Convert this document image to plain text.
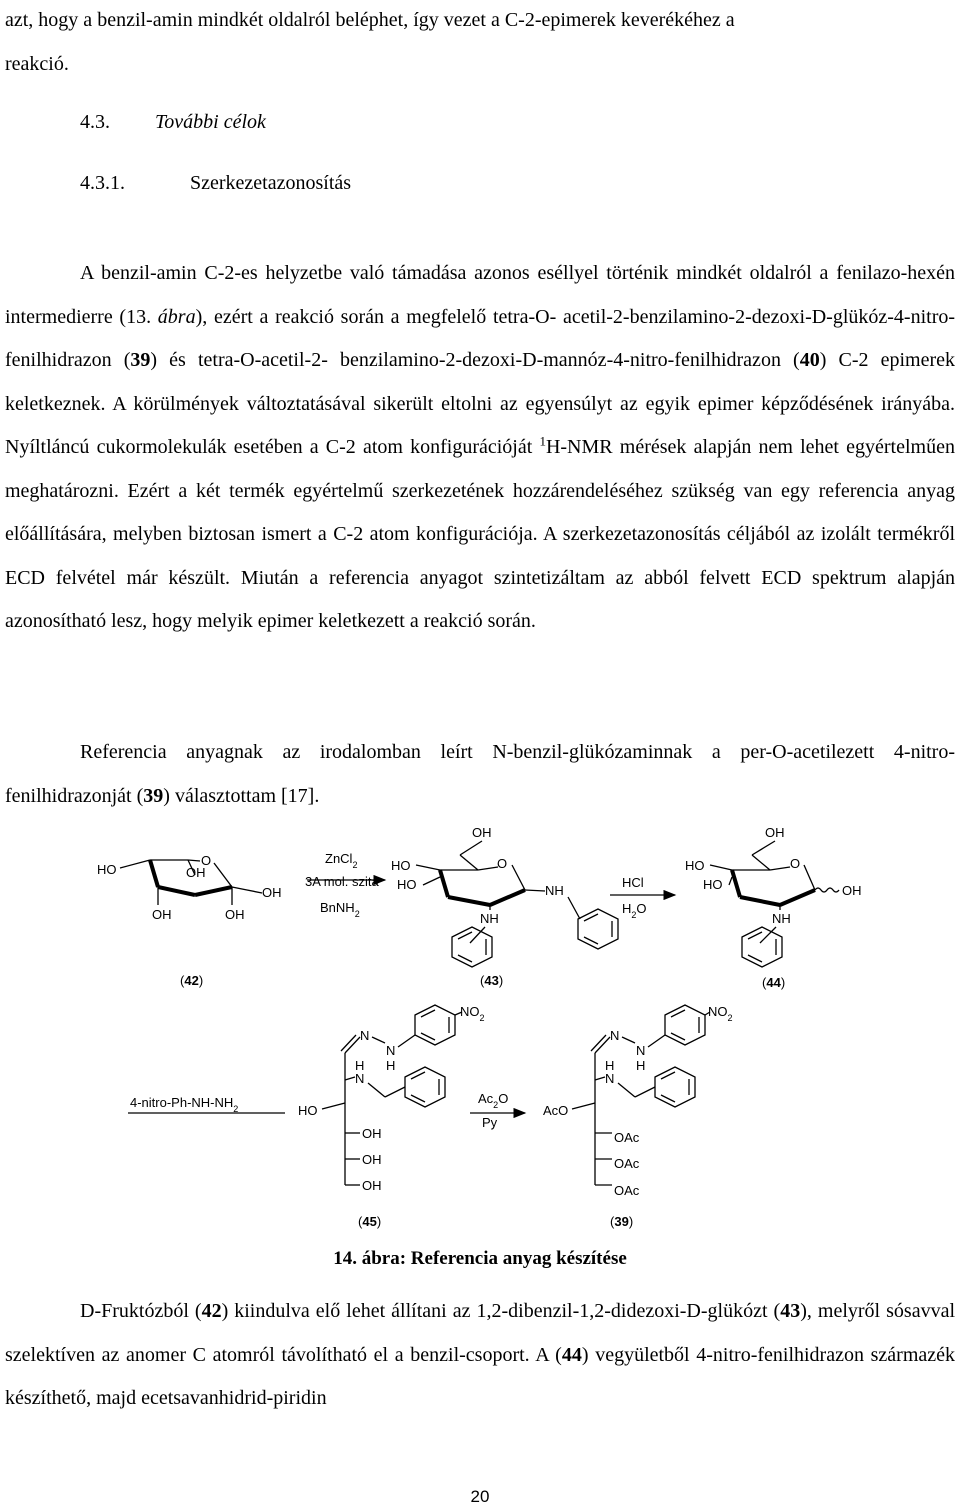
azt, hogy a benzil-amin mindkét oldalról beléphet, így vezet a C-2-epimerek keverékéhez a
reakció.

4.3. További célok

4.3.1.	Szerkezetazonosítás

A benzil-amin C-2-es helyzetbe való támadása azonos eséllyel történik mindkét oldalról a fenilazo-hexén intermedierre (13. ábra), ezért a reakció során a megfelelő tetra-O- acetil-2-benzilamino-2-dezoxi-D-glükóz-4-nitro-fenilhidrazon (39) és tetra-O-acetil-2- benzilamino-2-dezoxi-D-mannóz-4-nitro-fenilhidrazon (40) C-2 epimerek keletkeznek. A körülmények változtatásával sikerült eltolni az egyensúlyt az egyik epimer képződésének irányába. Nyíltláncú cukormolekulák esetében a C-2 atom konfigurációját $^1$H-NMR mérések alapján nem lehet egyértelműen meghatározni. Ezért a két termék egyértelmű szerkezetének hozzárendeléséhez szükség van egy referencia anyag előállítására, melyben biztosan ismert a C-2 atom konfigurációja. A szerkezetazonosítás céljából az izolált termékről ECD felvétel már készült. Miután a referencia anyagot szintetizáltam az abból felvett ECD spektrum alapján azonosítható lesz, hogy melyik epimer keletkezett a reakció során.

Referencia anyagnak az irodalomban leírt N-benzil-glükózaminnak a per-O-acetilezett 4-nitro-fenilhidrazonját (39) választottam [17].

HO
O
OH
OH	OH
OH
(42)
ZnCl$_2$
3A mol. szita
BnNH$_2$
OH
HO
HO
O
NH
NH
(43)
HCl
$H_2O$
OH
HO
HO
O
OH
NH
(44)
$4-nitro-Ph-NH-NH_2$	HO
N
N
H
$NO_2$
N
H
OH
OH
OH
(45)
$Ac_2O$
Py
AcO
N
N
H
$NO_2$
N
H
OAc
OAc
OAc
(39)

14. ábra: Referencia anyag készítése

D-Fruktózból (42) kiindulva elő lehet állítani az 1,2-dibenzil-1,2-didezoxi-D-glükózt (43), melyről sósavval szelektíven az anomer C atomról távolítható el a benzil-csoport. A (44) vegyületből 4-nitro-fenilhidrazon származék készíthető, majd ecetsavanhidrid-piridin

20
